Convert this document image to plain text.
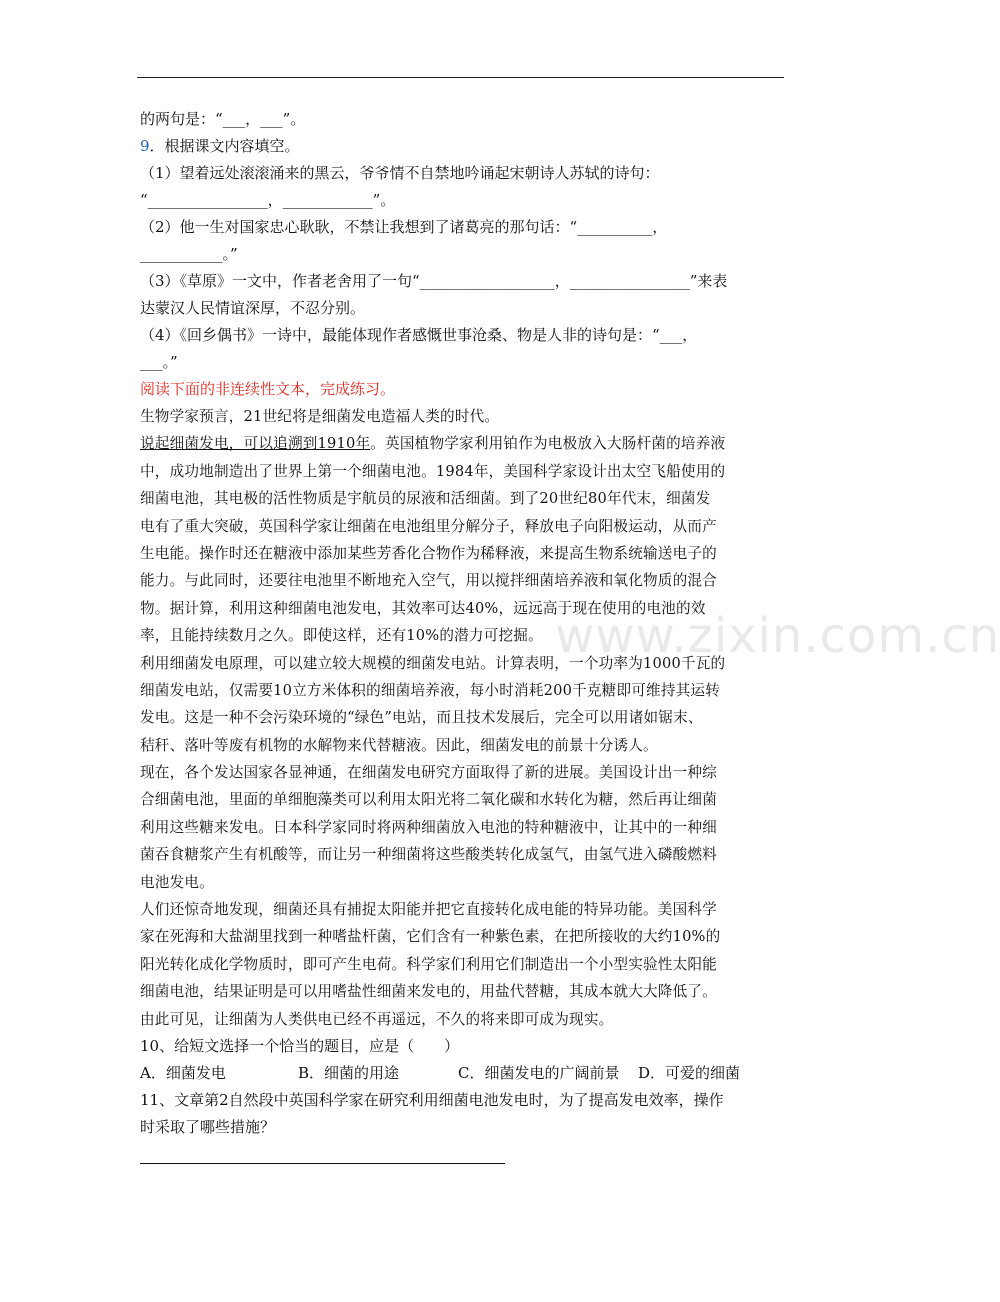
www.zixin.com.cn
的两句是：“___，___”。
9．根据课文内容填空。
（1）望着远处滚滚涌来的黑云，爷爷情不自禁地吟诵起宋朝诗人苏轼的诗句：
“________________，____________”。
（2）他一生对国家忠心耿耿，不禁让我想到了诸葛亮的那句话：“__________，
___________。”
（3）《草原》一文中，作者老舍用了一句“__________________，________________”来表
达蒙汉人民情谊深厚，不忍分别。
（4）《回乡偶书》一诗中，最能体现作者感慨世事沧桑、物是人非的诗句是：“___，
___。”
阅读下面的非连续性文本，完成练习。
生物学家预言，21世纪将是细菌发电造福人类的时代。
说起细菌发电，可以追溯到1910年。英国植物学家利用铂作为电极放入大肠杆菌的培养液
中，成功地制造出了世界上第一个细菌电池。1984年，美国科学家设计出太空飞船使用的
细菌电池，其电极的活性物质是宇航员的尿液和活细菌。到了20世纪80年代末，细菌发
电有了重大突破，英国科学家让细菌在电池组里分解分子，释放电子向阳极运动，从而产
生电能。操作时还在糖液中添加某些芳香化合物作为稀释液，来提高生物系统输送电子的
能力。与此同时，还要往电池里不断地充入空气，用以搅拌细菌培养液和氧化物质的混合
物。据计算，利用这种细菌电池发电，其效率可达40%，远远高于现在使用的电池的效
率，且能持续数月之久。即使这样，还有10%的潜力可挖掘。
利用细菌发电原理，可以建立较大规模的细菌发电站。计算表明，一个功率为1000千瓦的
细菌发电站，仅需要10立方米体积的细菌培养液，每小时消耗200千克糖即可维持其运转
发电。这是一种不会污染环境的“绿色”电站，而且技术发展后，完全可以用诸如锯末、
秸秆、落叶等废有机物的水解物来代替糖液。因此，细菌发电的前景十分诱人。
现在，各个发达国家各显神通，在细菌发电研究方面取得了新的进展。美国设计出一种综
合细菌电池，里面的单细胞藻类可以利用太阳光将二氧化碳和水转化为糖，然后再让细菌
利用这些糖来发电。日本科学家同时将两种细菌放入电池的特种糖液中，让其中的一种细
菌吞食糖浆产生有机酸等，而让另一种细菌将这些酸类转化成氢气，由氢气进入磷酸燃料
电池发电。
人们还惊奇地发现，细菌还具有捕捉太阳能并把它直接转化成电能的特异功能。美国科学
家在死海和大盐湖里找到一种嗜盐杆菌，它们含有一种紫色素，在把所接收的大约10%的
阳光转化成化学物质时，即可产生电荷。科学家们利用它们制造出一个小型实验性太阳能
细菌电池，结果证明是可以用嗜盐性细菌来发电的，用盐代替糖，其成本就大大降低了。
由此可见，让细菌为人类供电已经不再遥远，不久的将来即可成为现实。
10、给短文选择一个恰当的题目，应是（　　）
A．细菌发电	B．细菌的用途	C．细菌发电的广阔前景 D．可爱的细菌
11、文章第2自然段中英国科学家在研究利用细菌电池发电时，为了提高发电效率，操作
时采取了哪些措施？
